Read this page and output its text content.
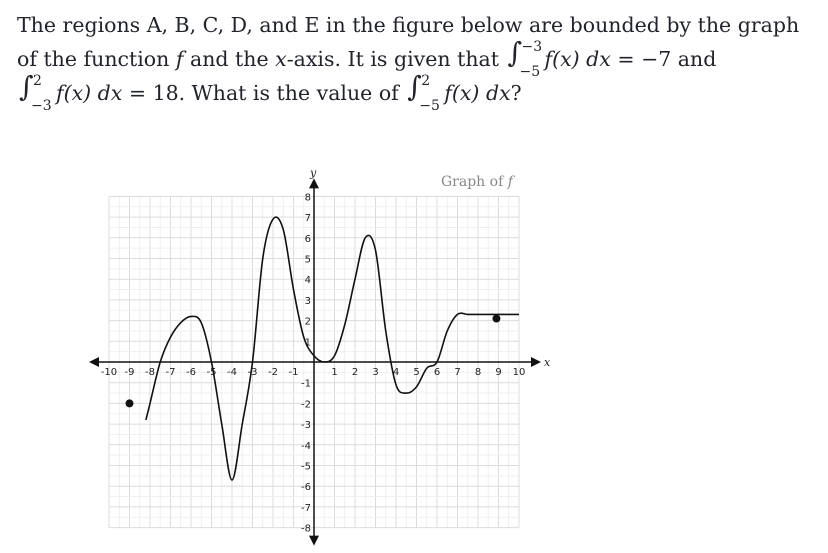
The regions A, B, C, D, and E in the figure below are bounded by the graph of the function f and the x-axis. It is given that ∫ −3
−5
f(x) dx = −7 and

∫ 2
−3
f(x) dx = 18. What is the value of ∫ 2
−5
f(x) dx?
Graph of f
-10 -9 -8 -7 -6 -5 -4 -3 -2 -1	1 2 3 4 5 6 7 8 9 10
8
7
6
5
4
3
2
1
-1
-2
-3
-4
-5
-6
-7
-8
x
y
